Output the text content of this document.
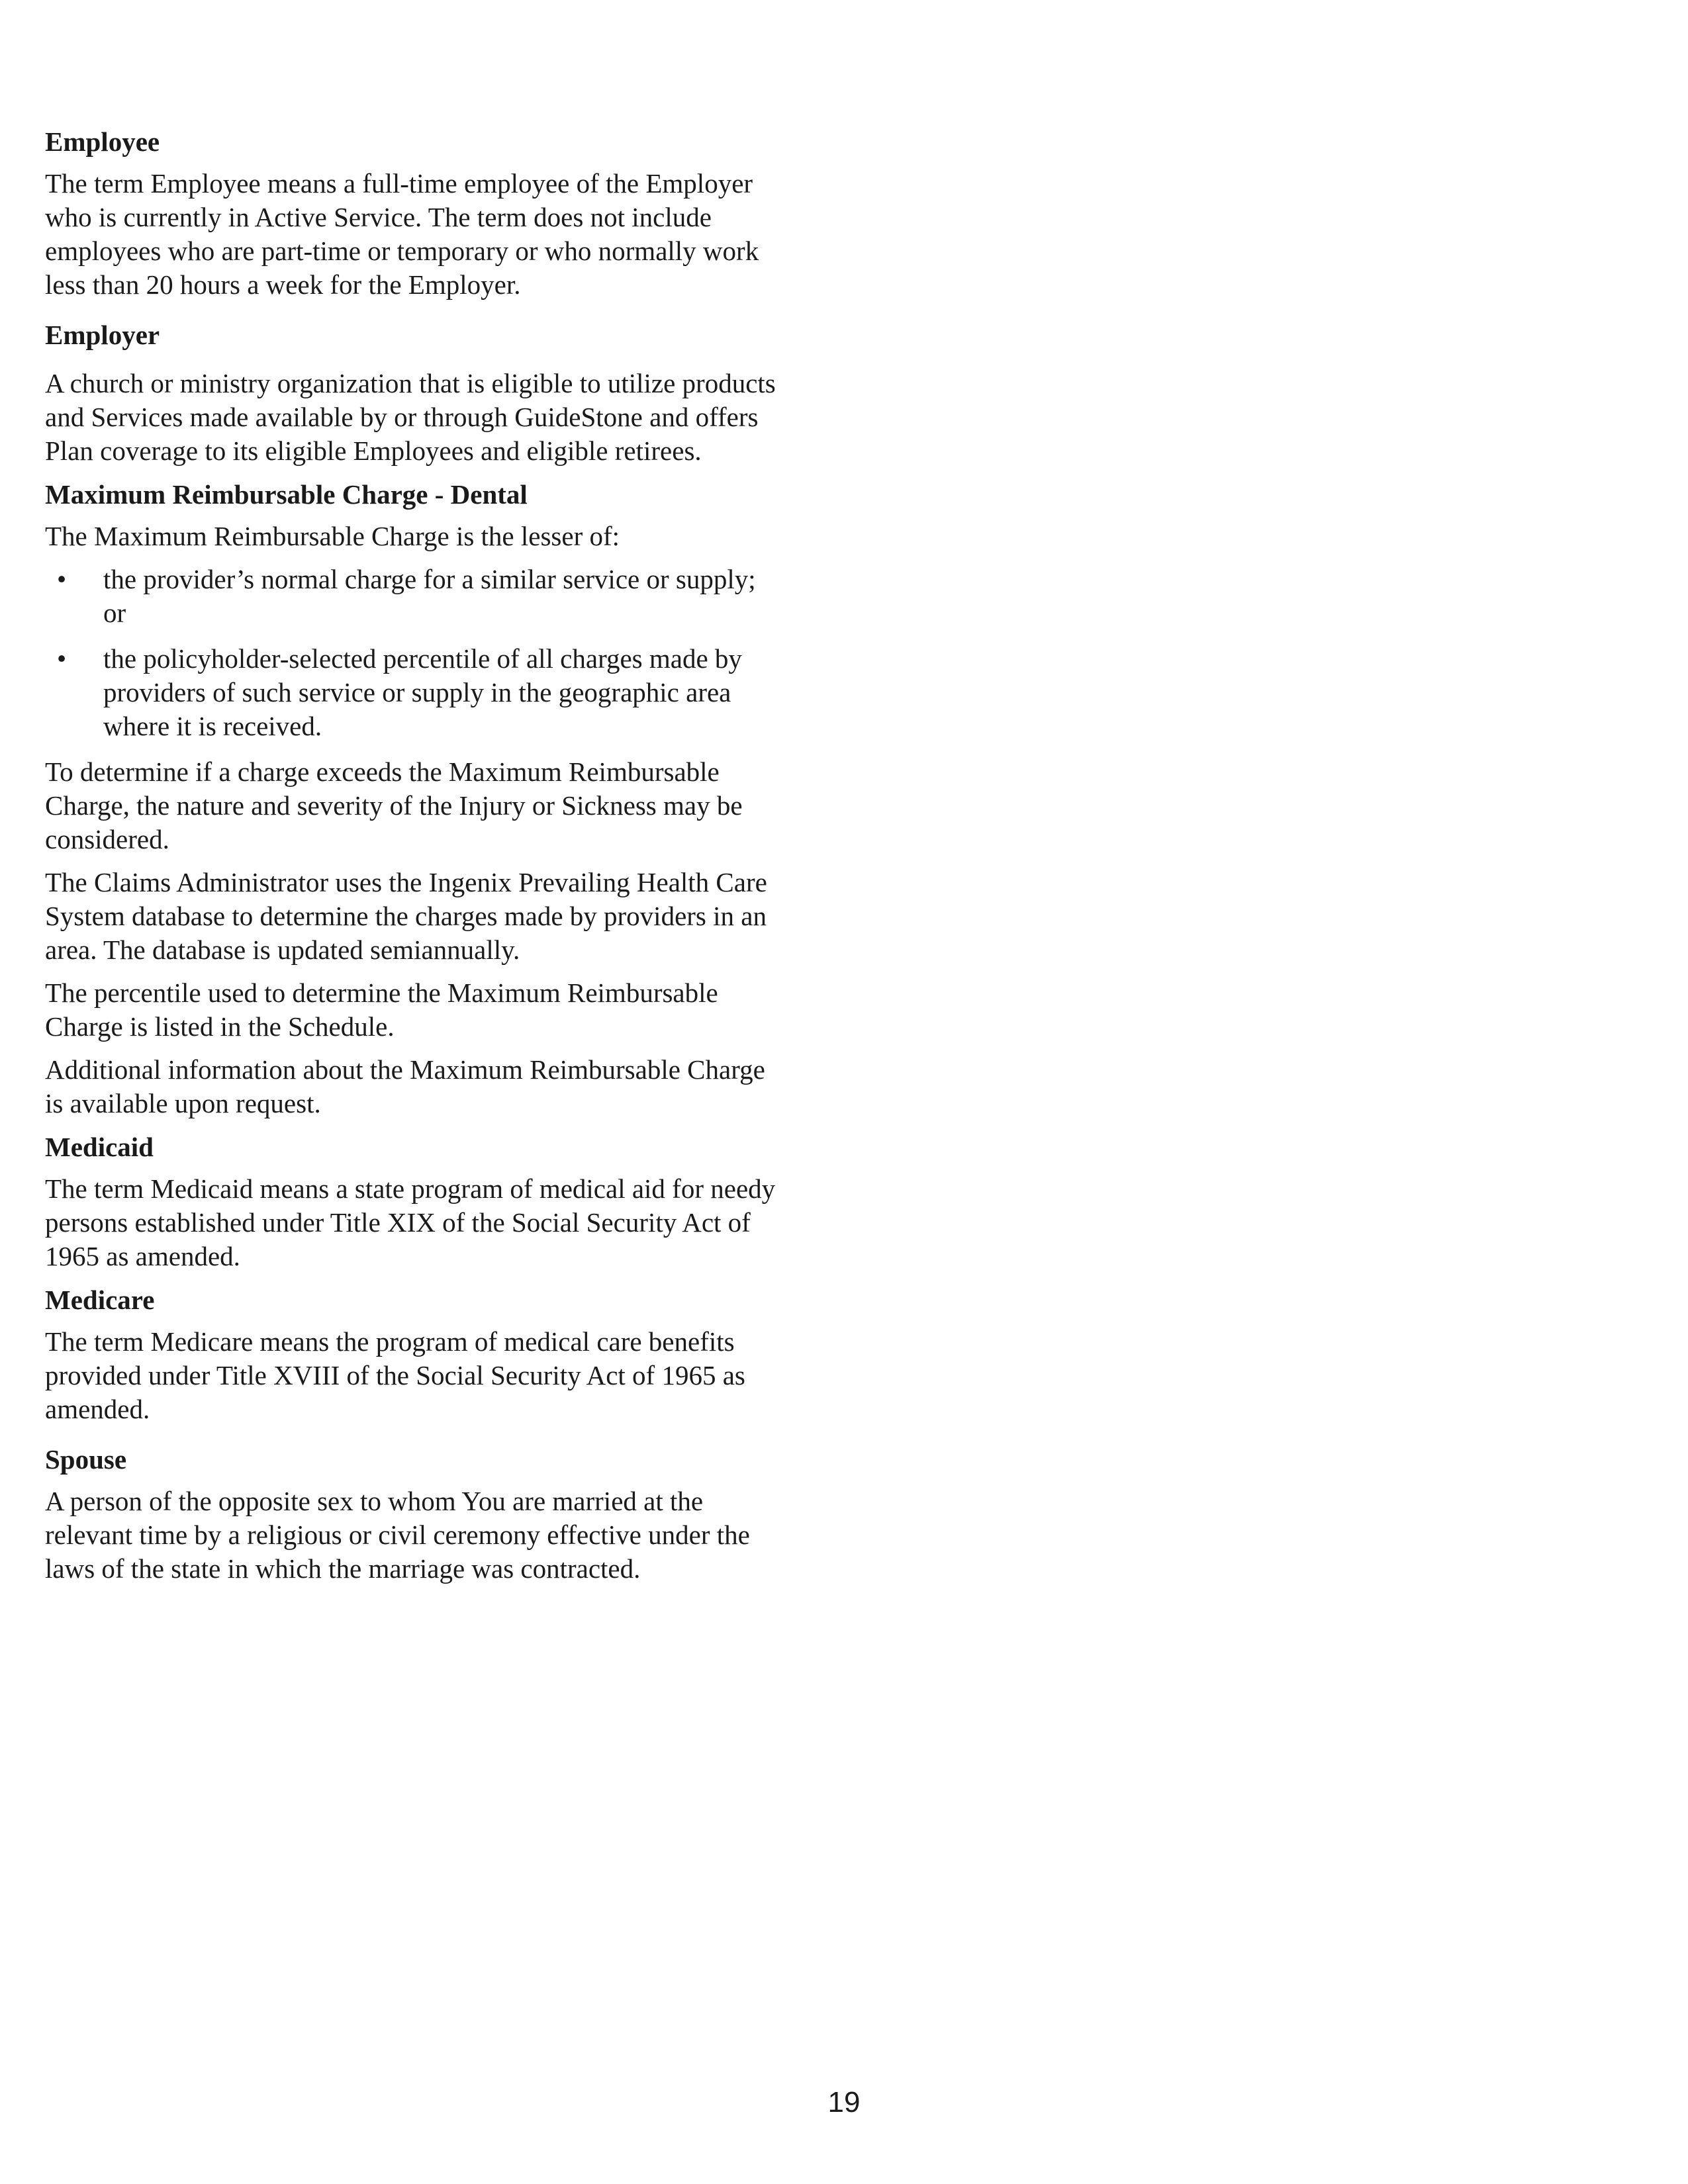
Employee

The term Employee means a full-time employee of the Employer who is currently in Active Service. The term does not include employees who are part-time or temporary or who normally work less than 20 hours a week for the Employer.

Employer

A church or ministry organization that is eligible to utilize products and Services made available by or through GuideStone and offers Plan coverage to its eligible Employees and eligible retirees.

Maximum Reimbursable Charge - Dental

The Maximum Reimbursable Charge is the lesser of:

• the provider’s normal charge for a similar service or supply; or
• the policyholder-selected percentile of all charges made by providers of such service or supply in the geographic area where it is received.

To determine if a charge exceeds the Maximum Reimbursable Charge, the nature and severity of the Injury or Sickness may be considered.

The Claims Administrator uses the Ingenix Prevailing Health Care System database to determine the charges made by providers in an area. The database is updated semiannually.

The percentile used to determine the Maximum Reimbursable Charge is listed in the Schedule.

Additional information about the Maximum Reimbursable Charge is available upon request.

Medicaid

The term Medicaid means a state program of medical aid for needy persons established under Title XIX of the Social Security Act of 1965 as amended.

Medicare

The term Medicare means the program of medical care benefits provided under Title XVIII of the Social Security Act of 1965 as amended.

Spouse

A person of the opposite sex to whom You are married at the relevant time by a religious or civil ceremony effective under the laws of the state in which the marriage was contracted.

19
